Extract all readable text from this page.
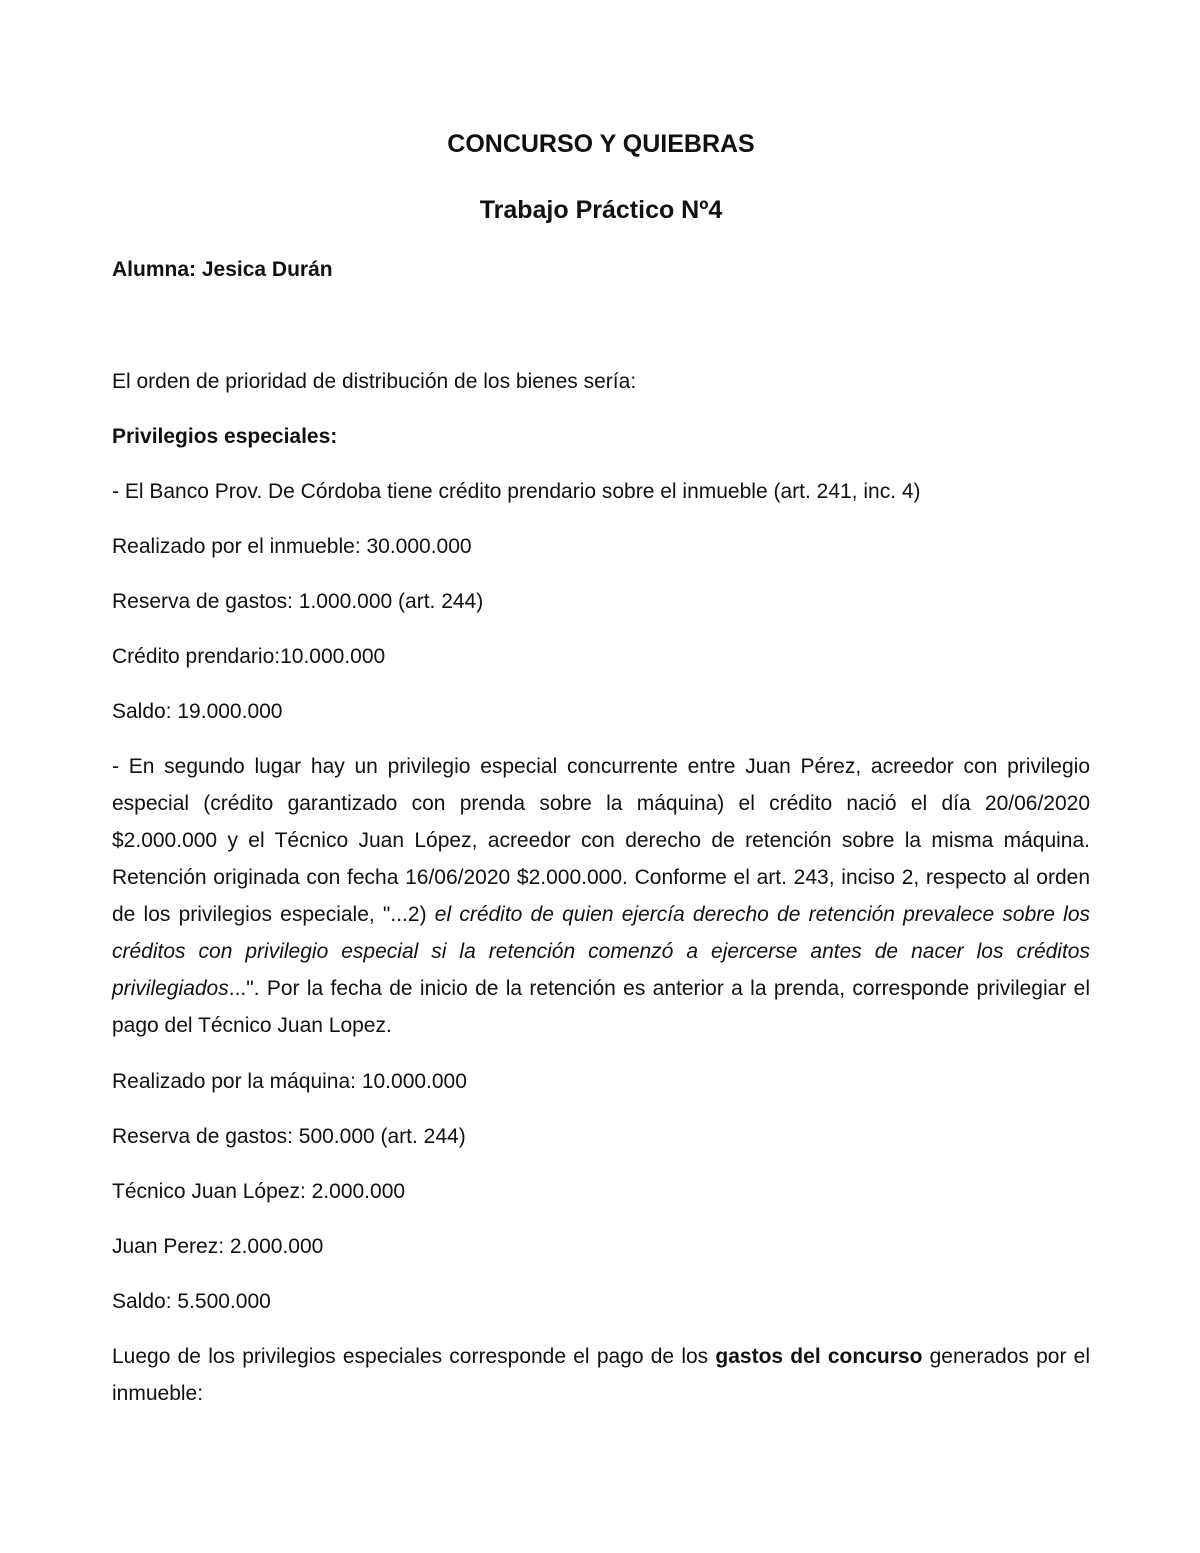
CONCURSO Y QUIEBRAS
Trabajo Práctico Nº4
Alumna: Jesica Durán
El orden de prioridad de distribución de los bienes sería:
Privilegios especiales:
- El Banco Prov. De Córdoba tiene crédito prendario sobre el inmueble (art. 241, inc. 4)
Realizado por el inmueble: 30.000.000
Reserva de gastos: 1.000.000 (art. 244)
Crédito prendario:10.000.000
Saldo: 19.000.000
- En segundo lugar hay un privilegio especial concurrente entre Juan Pérez, acreedor con privilegio especial (crédito garantizado con prenda sobre la máquina) el crédito nació el día 20/06/2020 $2.000.000 y el Técnico Juan López, acreedor con derecho de retención sobre la misma máquina. Retención originada con fecha 16/06/2020 $2.000.000. Conforme el art. 243, inciso 2, respecto al orden de los privilegios especiale, "...2) el crédito de quien ejercía derecho de retención prevalece sobre los créditos con privilegio especial si la retención comenzó a ejercerse antes de nacer los créditos privilegiados...". Por la fecha de inicio de la retención es anterior a la prenda, corresponde privilegiar el pago del Técnico Juan Lopez.
Realizado por la máquina: 10.000.000
Reserva de gastos: 500.000 (art. 244)
Técnico Juan López: 2.000.000
Juan Perez: 2.000.000
Saldo: 5.500.000
Luego de los privilegios especiales corresponde el pago de los gastos del concurso generados por el inmueble:
